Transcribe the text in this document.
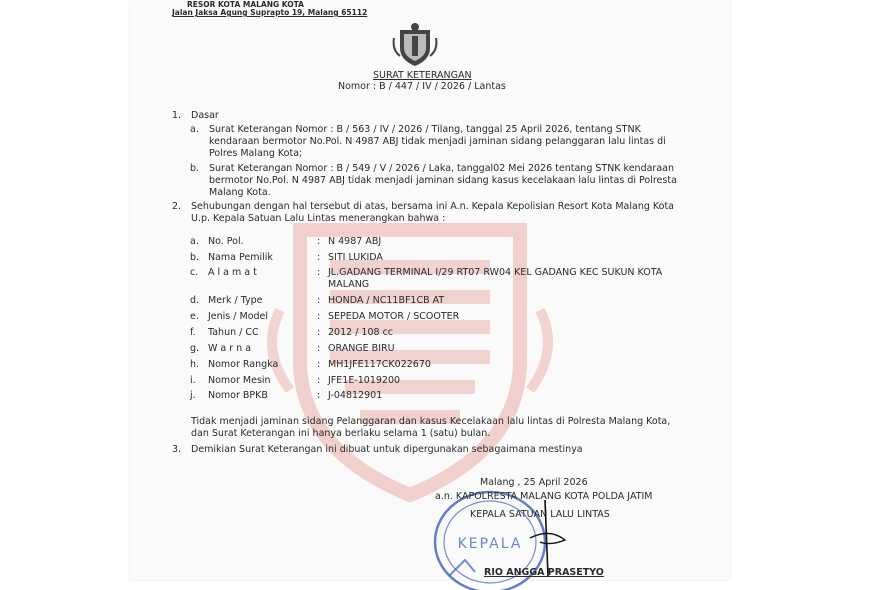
RESOR KOTA MALANG KOTA
Jalan Jaksa Agung Suprapto 19, Malang 65112
SURAT KETERANGAN
Nomor : B / 447 / IV / 2026 / Lantas
1. Dasar
a. Surat Keterangan Nomor : B / 563 / IV / 2026 / Tilang, tanggal 25 April 2026, tentang STNK
kendaraan bermotor No.Pol. N 4987 ABJ tidak menjadi jaminan sidang pelanggaran lalu lintas di
Polres Malang Kota;
b. Surat Keterangan Nomor : B / 549 / V / 2026 / Laka, tanggal02 Mei 2026 tentang STNK kendaraan
bermotor No.Pol. N 4987 ABJ tidak menjadi jaminan sidang kasus kecelakaan lalu lintas di Polresta
Malang Kota.
2. Sehubungan dengan hal tersebut di atas, bersama ini A.n. Kepala Kepolisian Resort Kota Malang Kota
U.p. Kepala Satuan Lalu Lintas menerangkan bahwa :
a. No. Pol.	: N 4987 ABJ
b. Nama Pemilik	: SITI LUKIDA
c. A l a m a t	: JL.GADANG TERMINAL I/29 RT07 RW04 KEL GADANG KEC SUKUN KOTA
MALANG
d. Merk / Type	: HONDA / NC11BF1CB AT
e. Jenis / Model	: SEPEDA MOTOR / SCOOTER
f. Tahun / CC	: 2012 / 108 cc
g. W a r n a	: ORANGE BIRU
h. Nomor Rangka	: MH1JFE117CK022670
i. Nomor Mesin	: JFE1E-1019200
j. Nomor BPKB	: J-04812901
Tidak menjadi jaminan sidang Pelanggaran dan kasus Kecelakaan lalu lintas di Polresta Malang Kota,
dan Surat Keterangan ini hanya berlaku selama 1 (satu) bulan.
3. Demikian Surat Keterangan ini dibuat untuk dipergunakan sebagaimana mestinya
KEPALA
Malang , 25 April 2026
a.n. KAPOLRESTA MALANG KOTA POLDA JATIM
KEPALA SATUAN LALU LINTAS
RIO ANGGA PRASETYO
